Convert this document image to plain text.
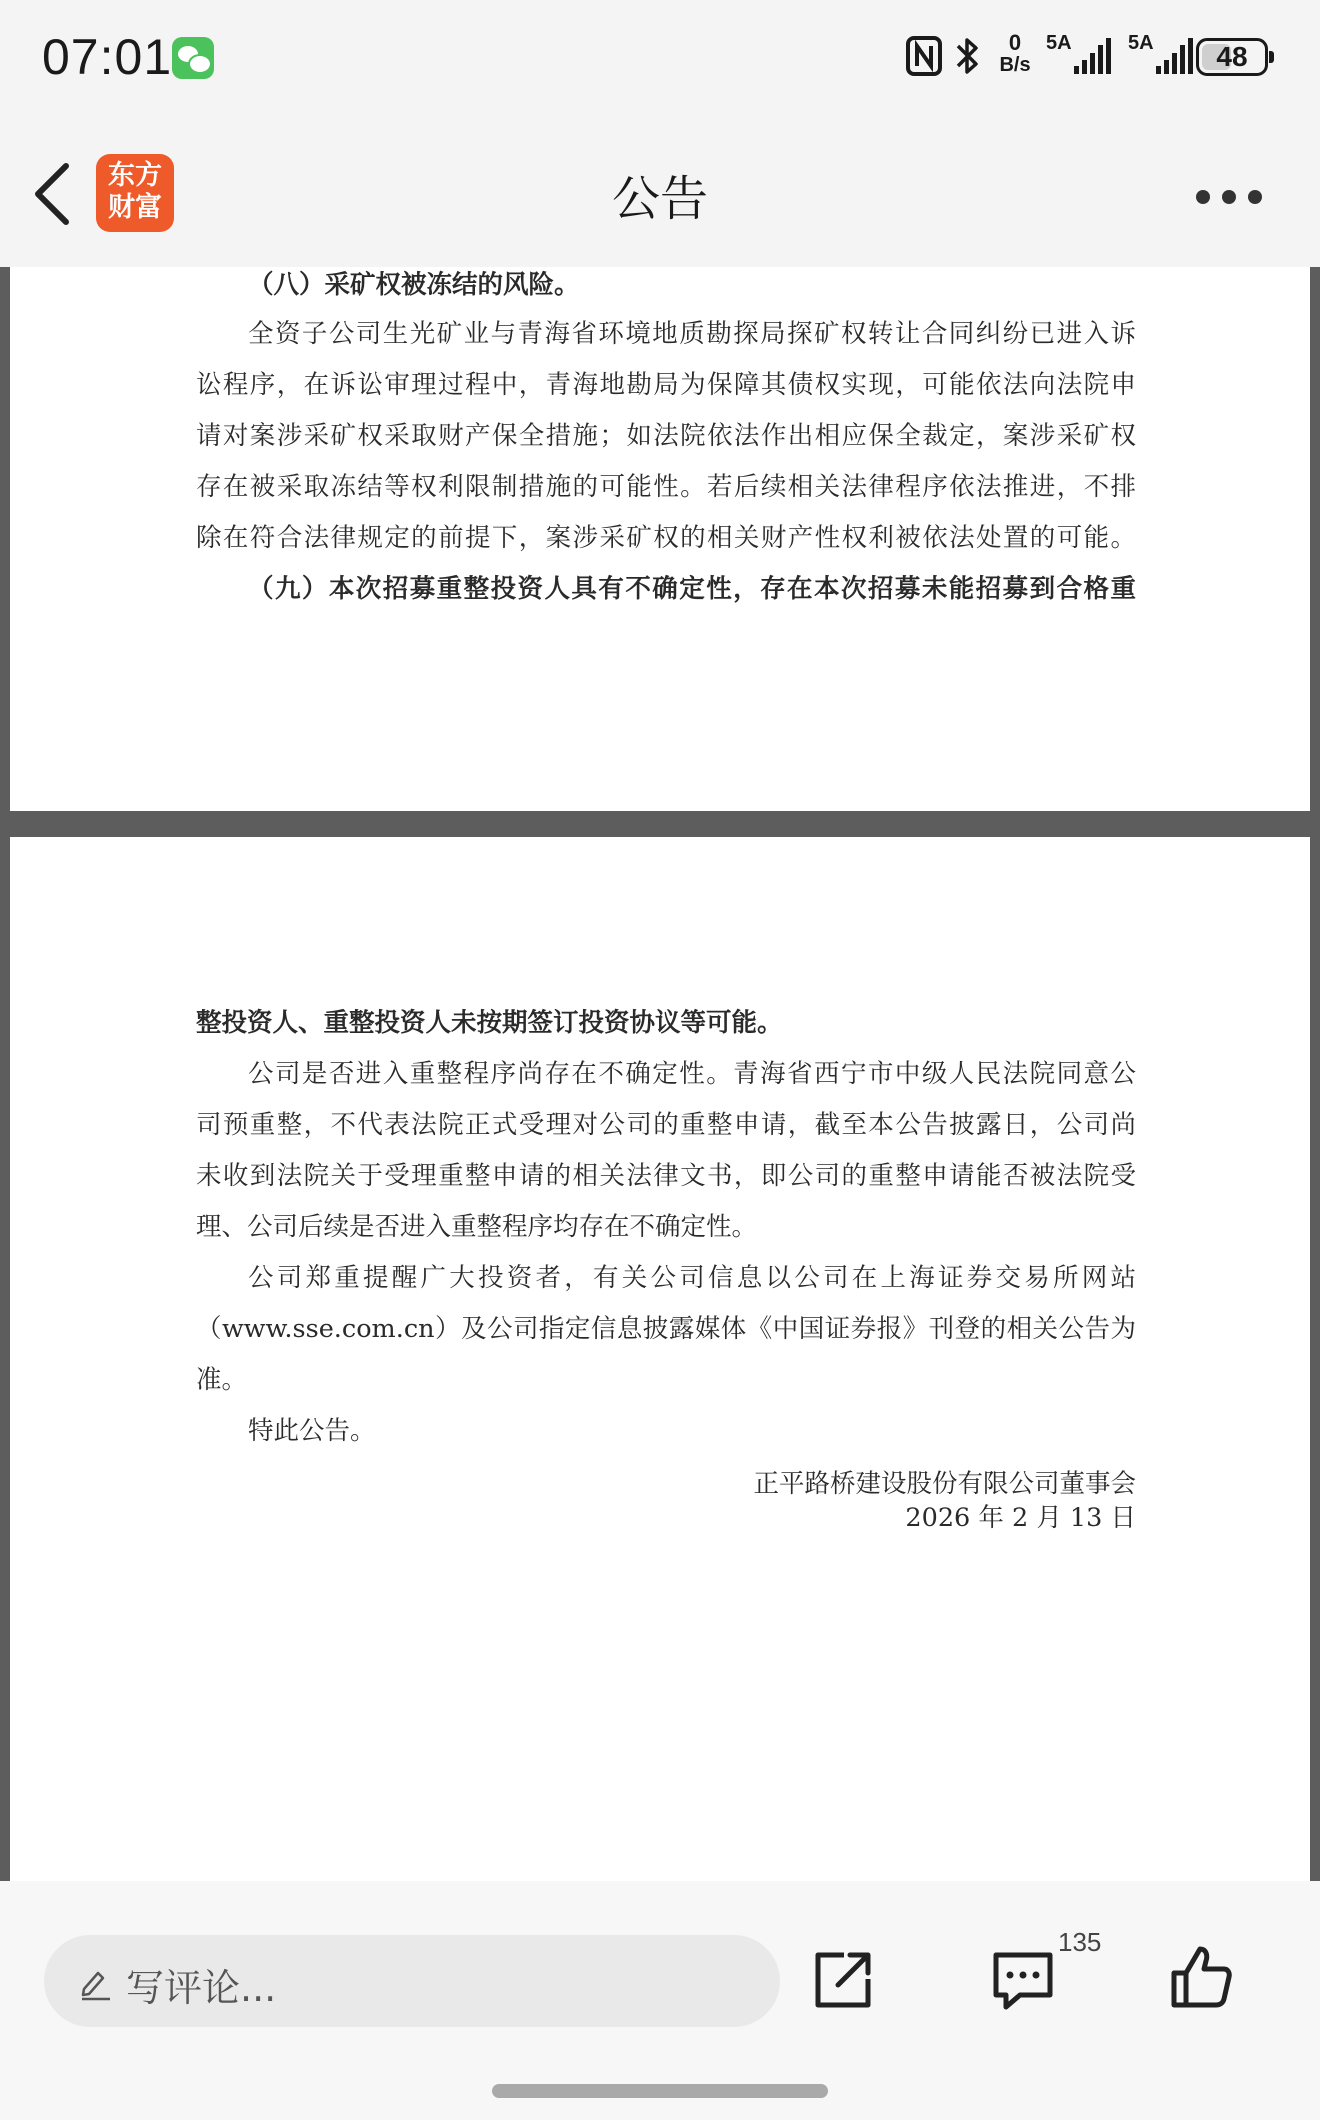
07:01	0
B/s
5A	5A	48
东方
财富	公告
（八）采矿权被冻结的风险。
全资子公司生光矿业与青海省环境地质勘探局探矿权转让合同纠纷已进入诉
讼程序，在诉讼审理过程中，青海地勘局为保障其债权实现，可能依法向法院申
请对案涉采矿权采取财产保全措施；如法院依法作出相应保全裁定，案涉采矿权
存在被采取冻结等权利限制措施的可能性。若后续相关法律程序依法推进，不排
除在符合法律规定的前提下，案涉采矿权的相关财产性权利被依法处置的可能。
（九）本次招募重整投资人具有不确定性，存在本次招募未能招募到合格重
整投资人、重整投资人未按期签订投资协议等可能。
公司是否进入重整程序尚存在不确定性。青海省西宁市中级人民法院同意公
司预重整，不代表法院正式受理对公司的重整申请，截至本公告披露日，公司尚
未收到法院关于受理重整申请的相关法律文书，即公司的重整申请能否被法院受
理、公司后续是否进入重整程序均存在不确定性。
公司郑重提醒广大投资者，有关公司信息以公司在上海证券交易所网站
（www.sse.com.cn）及公司指定信息披露媒体《中国证券报》刊登的相关公告为
准。
特此公告。
正平路桥建设股份有限公司董事会
2026 年 2 月 13 日
写评论...
135
